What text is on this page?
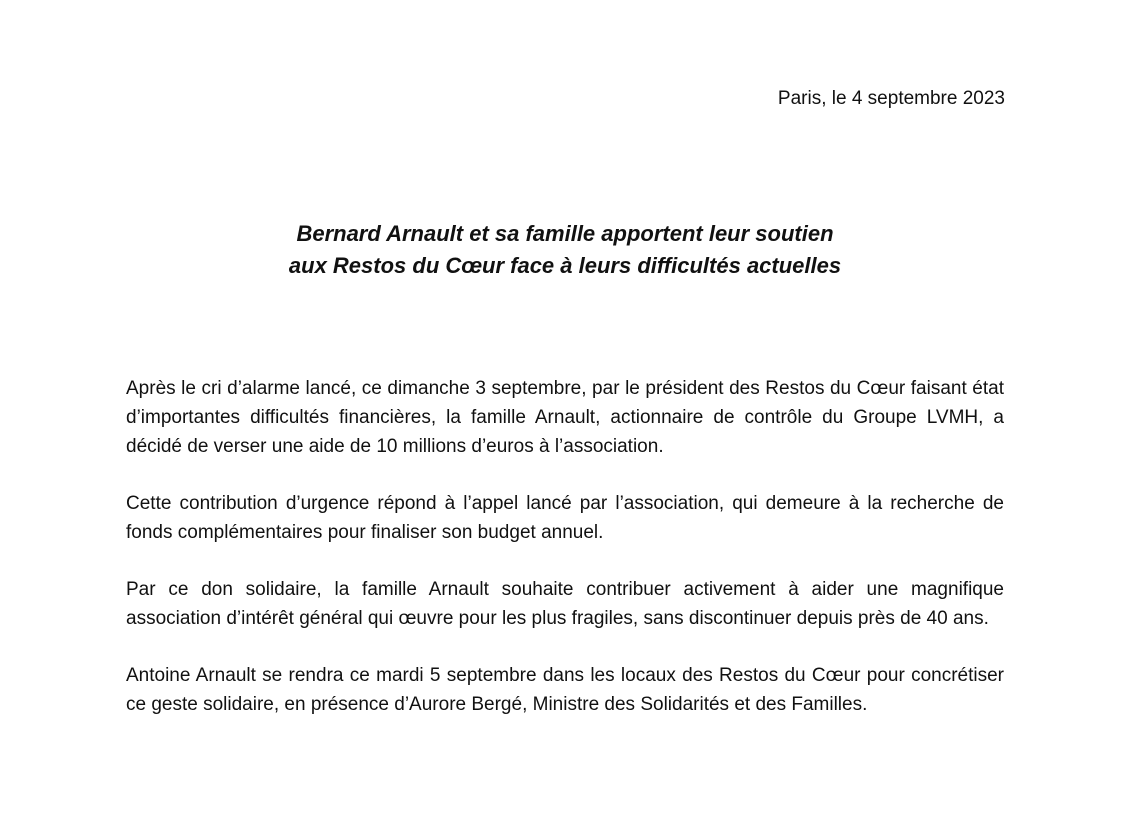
Paris, le 4 septembre 2023
Bernard Arnault et sa famille apportent leur soutien
aux Restos du Cœur face à leurs difficultés actuelles

Après le cri d’alarme lancé, ce dimanche 3 septembre, par le président des Restos du Cœur faisant état d’importantes difficultés financières, la famille Arnault, actionnaire de contrôle du Groupe LVMH, a décidé de verser une aide de 10 millions d’euros à l’association.

Cette contribution d’urgence répond à l’appel lancé par l’association, qui demeure à la recherche de fonds complémentaires pour finaliser son budget annuel.

Par ce don solidaire, la famille Arnault souhaite contribuer activement à aider une magnifique association d’intérêt général qui œuvre pour les plus fragiles, sans discontinuer depuis près de 40 ans.

Antoine Arnault se rendra ce mardi 5 septembre dans les locaux des Restos du Cœur pour concrétiser ce geste solidaire, en présence d’Aurore Bergé, Ministre des Solidarités et des Familles.
